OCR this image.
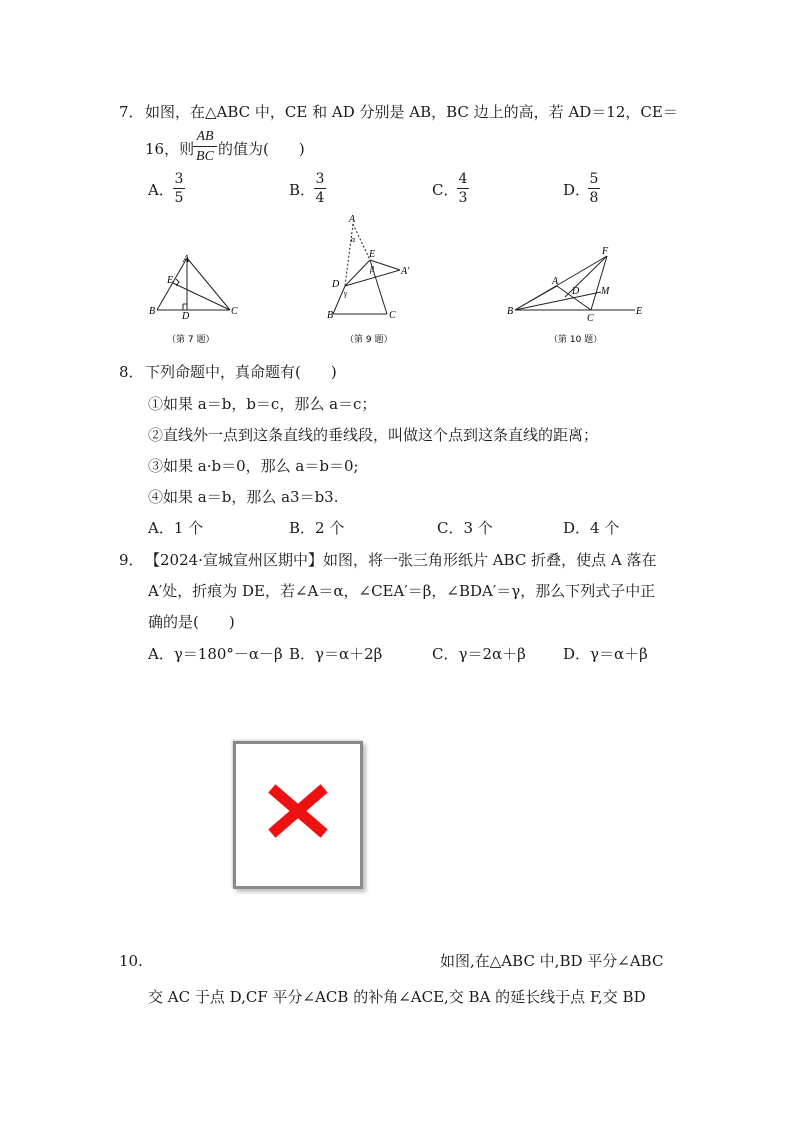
7． 如图，在△ABC 中，CE 和 AD 分别是 AB，BC 边上的高，若 AD＝12，CE＝
16，则
AB
BC 的值为(　　)
A．
3
5	B．
3
4	C．
4
3	D．
5
8
A
E
B	D	C
（第 7 题）
A
α
E
β	A′
D
γ
B	C
（第 9 题）
F
A
D M
B
C
E
（第 10 题）
8． 下列命题中，真命题有(　　)
①如果 a＝b，b＝c，那么 a＝c；
②直线外一点到这条直线的垂线段，叫做这个点到这条直线的距离；
③如果 a·b＝0，那么 a＝b＝0;
④如果 a＝b，那么 a3＝b3.
A．1 个	B．2 个	C．3 个	D．4 个
9． 【2024·宣城宣州区期中】如图，将一张三角形纸片 ABC 折叠，使点 A 落在
A′处，折痕为 DE，若∠A＝α，∠CEA′＝β，∠BDA′＝γ，那么下列式子中正
确的是(　　)
A．γ＝180°－α－β B．γ＝α＋2β	C．γ＝2α＋β D．γ＝α＋β
10.	如图,在△ABC 中,BD 平分∠ABC
交 AC 于点 D,CF 平分∠ACB 的补角∠ACE,交 BA 的延长线于点 F,交 BD
